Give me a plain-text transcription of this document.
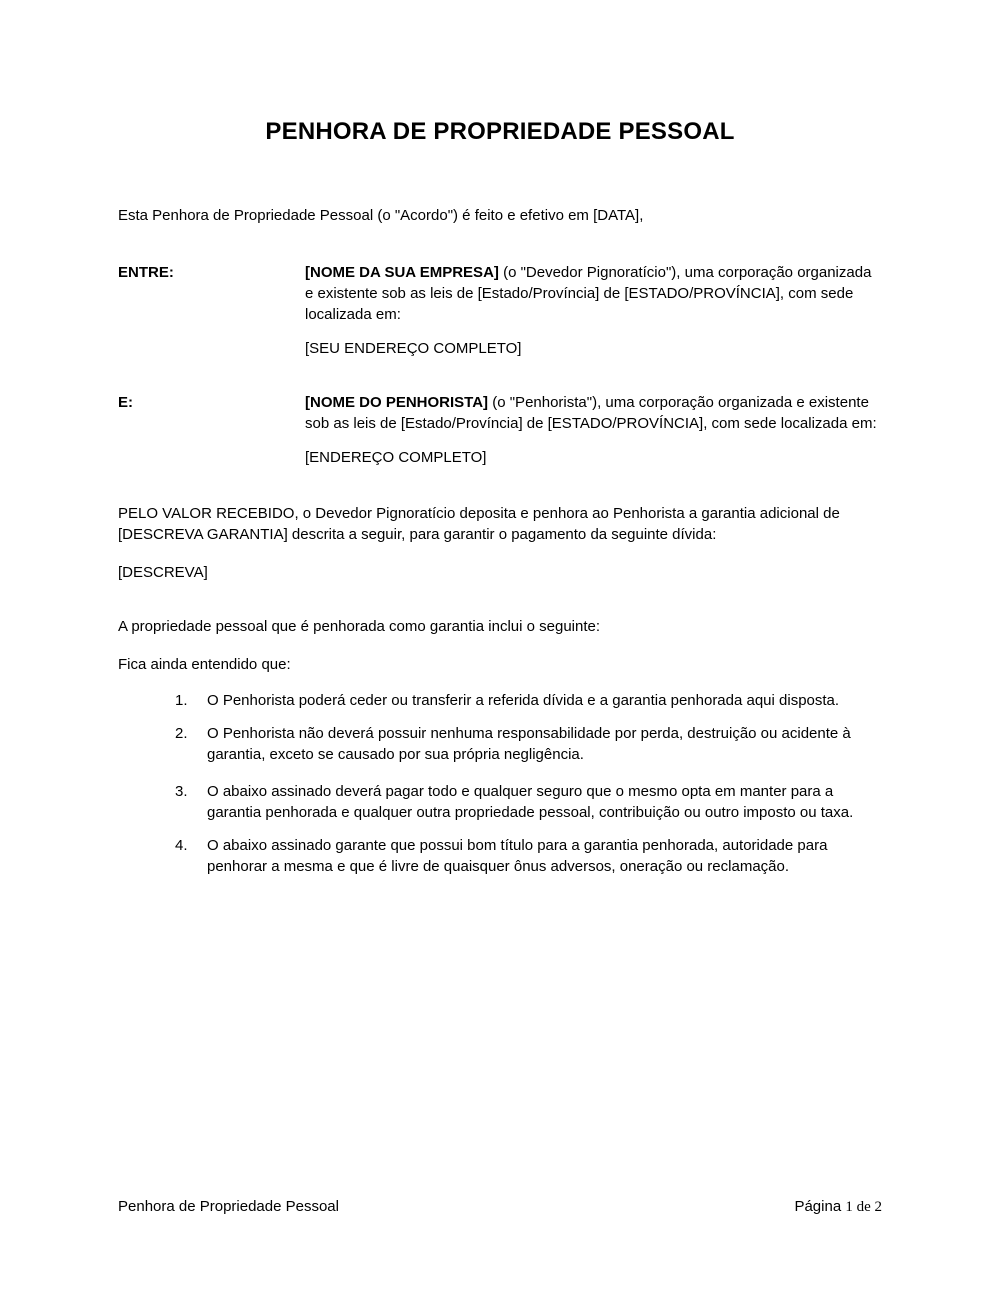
PENHORA DE PROPRIEDADE PESSOAL

Esta Penhora de Propriedade Pessoal (o "Acordo") é feito e efetivo em [DATA],

ENTRE:	[NOME DA SUA EMPRESA] (o "Devedor Pignoratício"), uma corporação organizada e existente sob as leis de [Estado/Província] de [ESTADO/PROVÍNCIA], com sede localizada em:
[SEU ENDEREÇO COMPLETO]
E:	[NOME DO PENHORISTA] (o "Penhorista"), uma corporação organizada e existente sob as leis de [Estado/Província] de [ESTADO/PROVÍNCIA], com sede localizada em:
[ENDEREÇO COMPLETO]

PELO VALOR RECEBIDO, o Devedor Pignoratício deposita e penhora ao Penhorista a garantia adicional de [DESCREVA GARANTIA] descrita a seguir, para garantir o pagamento da seguinte dívida:

[DESCREVA]

A propriedade pessoal que é penhorada como garantia inclui o seguinte:

Fica ainda entendido que:

1.	O Penhorista poderá ceder ou transferir a referida dívida e a garantia penhorada aqui disposta.
2.	O Penhorista não deverá possuir nenhuma responsabilidade por perda, destruição ou acidente à garantia, exceto se causado por sua própria negligência.
3.	O abaixo assinado deverá pagar todo e qualquer seguro que o mesmo opta em manter para a garantia penhorada e qualquer outra propriedade pessoal, contribuição ou outro imposto ou taxa.
4.	O abaixo assinado garante que possui bom título para a garantia penhorada, autoridade para penhorar a mesma e que é livre de quaisquer ônus adversos, oneração ou reclamação.
Penhora de Propriedade Pessoal	Página 1 de 2
